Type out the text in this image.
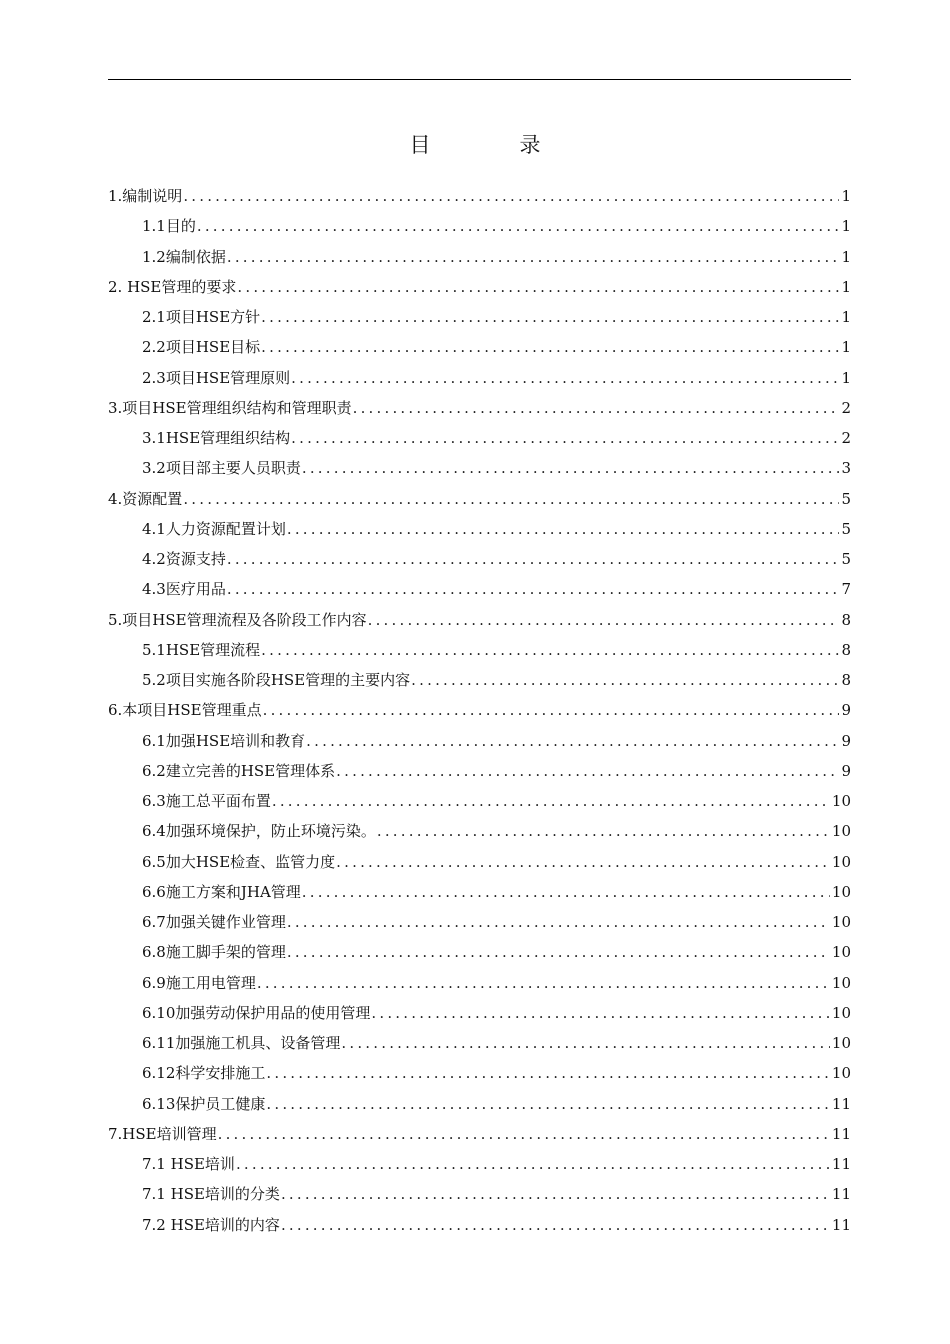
目　录
1.编制说明 .....	1
1.1目的 .....	1
1.2编制依据 .....	1
2. HSE管理的要求 .....	1
2.1项目HSE方针 .....	1
2.2项目HSE目标 .....	1
2.3项目HSE管理原则 .....	1
3.项目HSE管理组织结构和管理职责 .....	2
3.1HSE管理组织结构 .....	2
3.2项目部主要人员职责 .....	3
4.资源配置 .....	5
4.1人力资源配置计划 .....	5
4.2资源支持 .....	5
4.3医疗用品 .....	7
5.项目HSE管理流程及各阶段工作内容 .....	8
5.1HSE管理流程 .....	8
5.2项目实施各阶段HSE管理的主要内容 .....	8
6.本项目HSE管理重点 .....	9
6.1加强HSE培训和教育 .....	9
6.2建立完善的HSE管理体系 .....	9
6.3施工总平面布置 .....	10
6.4加强环境保护，防止环境污染。 .....	10
6.5加大HSE检查、监管力度 .....	10
6.6施工方案和JHA管理 .....	10
6.7加强关键作业管理 .....	10
6.8施工脚手架的管理 .....	10
6.9施工用电管理 .....	10
6.10加强劳动保护用品的使用管理 .....	10
6.11加强施工机具、设备管理 .....	10
6.12科学安排施工 .....	10
6.13保护员工健康 .....	11
7.HSE培训管理 .....	11
7.1 HSE培训 .....	11
7.1 HSE培训的分类 .....	11
7.2 HSE培训的内容 .....	11
